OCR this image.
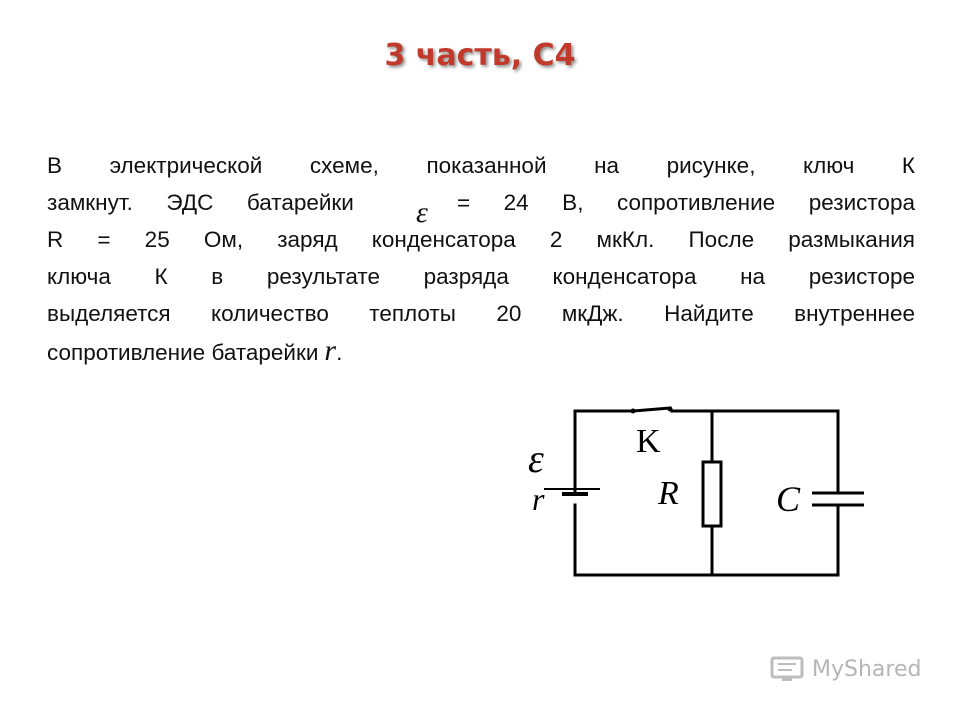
3 часть, С4
В электрической схеме, показанной на рисунке, ключ К
замкнут. ЭДС батарейки	= 24 В, сопротивление резистора
R = 25 Ом, заряд конденсатора 2 мкКл. После размыкания
ключа К в результате разряда конденсатора на резисторе
выделяется количество теплоты 20 мкДж. Найдите внутреннее
сопротивление батарейки r.
ε
ε
r
K
R	C
MyShared
